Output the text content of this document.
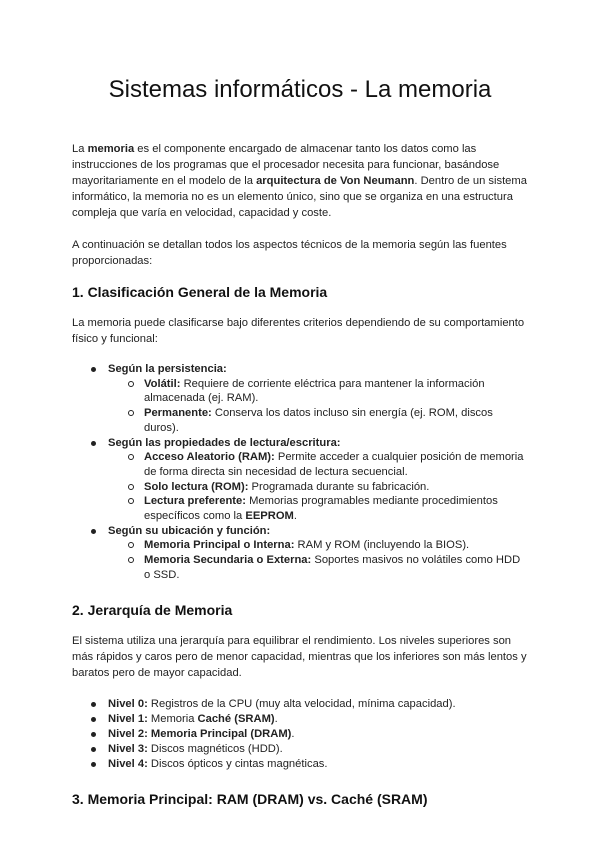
Sistemas informáticos - La memoria

La memoria es el componente encargado de almacenar tanto los datos como las instrucciones de los programas que el procesador necesita para funcionar, basándose mayoritariamente en el modelo de la arquitectura de Von Neumann. Dentro de un sistema informático, la memoria no es un elemento único, sino que se organiza en una estructura compleja que varía en velocidad, capacidad y coste.

A continuación se detallan todos los aspectos técnicos de la memoria según las fuentes proporcionadas:

1. Clasificación General de la Memoria

La memoria puede clasificarse bajo diferentes criterios dependiendo de su comportamiento físico y funcional:

Según la persistencia:
Volátil: Requiere de corriente eléctrica para mantener la información almacenada (ej. RAM).
Permanente: Conserva los datos incluso sin energía (ej. ROM, discos duros).
Según las propiedades de lectura/escritura:
Acceso Aleatorio (RAM): Permite acceder a cualquier posición de memoria de forma directa sin necesidad de lectura secuencial.
Solo lectura (ROM): Programada durante su fabricación.
Lectura preferente: Memorias programables mediante procedimientos específicos como la EEPROM.
Según su ubicación y función:
Memoria Principal o Interna: RAM y ROM (incluyendo la BIOS).
Memoria Secundaria o Externa: Soportes masivos no volátiles como HDD o SSD.
2. Jerarquía de Memoria

El sistema utiliza una jerarquía para equilibrar el rendimiento. Los niveles superiores son más rápidos y caros pero de menor capacidad, mientras que los inferiores son más lentos y baratos pero de mayor capacidad.

Nivel 0: Registros de la CPU (muy alta velocidad, mínima capacidad).
Nivel 1: Memoria Caché (SRAM).
Nivel 2: Memoria Principal (DRAM).
Nivel 3: Discos magnéticos (HDD).
Nivel 4: Discos ópticos y cintas magnéticas.
3. Memoria Principal: RAM (DRAM) vs. Caché (SRAM)
